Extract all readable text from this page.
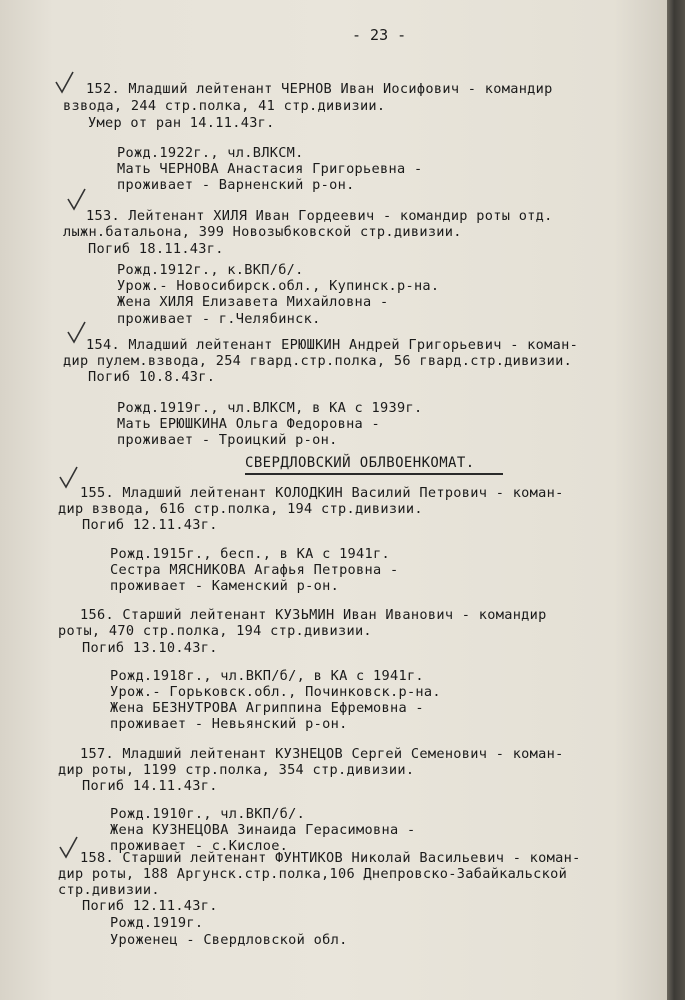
- 23 -
152. Младший лейтенант ЧЕРНОВ Иван Иосифович - командир
взвода, 244 стр.полка, 41 стр.дивизии.
Умер от ран 14.11.43г.
Рожд.1922г., чл.ВЛКСМ.
Мать ЧЕРНОВА Анастасия Григорьевна -
проживает - Варненский р-он.
153. Лейтенант ХИЛЯ Иван Гордеевич - командир роты отд.
лыжн.батальона, 399 Новозыбковской стр.дивизии.
Погиб 18.11.43г.
Рожд.1912г., к.ВКП/б/.
Урож.- Новосибирск.обл., Купинск.р-на.
Жена ХИЛЯ Елизавета Михайловна -
проживает - г.Челябинск.
154. Младший лейтенант ЕРЮШКИН Андрей Григорьевич - коман-
дир пулем.взвода, 254 гвард.стр.полка, 56 гвард.стр.дивизии.
Погиб 10.8.43г.
Рожд.1919г., чл.ВЛКСМ, в КА с 1939г.
Мать ЕРЮШКИНА Ольга Федоровна -
проживает - Троицкий р-он.
СВЕРДЛОВСКИЙ ОБЛВОЕНКОМАТ.
155. Младший лейтенант КОЛОДКИН Василий Петрович - коман-
дир взвода, 616 стр.полка, 194 стр.дивизии.
Погиб 12.11.43г.
Рожд.1915г., бесп., в КА с 1941г.
Сестра МЯСНИКОВА Агафья Петровна -
проживает - Каменский р-он.
156. Старший лейтенант КУЗЬМИН Иван Иванович - командир
роты, 470 стр.полка, 194 стр.дивизии.
Погиб 13.10.43г.
Рожд.1918г., чл.ВКП/б/, в КА с 1941г.
Урож.- Горьковск.обл., Починковск.р-на.
Жена БЕЗНУТРОВА Агриппина Ефремовна -
проживает - Невьянский р-он.
157. Младший лейтенант КУЗНЕЦОВ Сергей Семенович - коман-
дир роты, 1199 стр.полка, 354 стр.дивизии.
Погиб 14.11.43г.
Рожд.1910г., чл.ВКП/б/.
Жена КУЗНЕЦОВА Зинаида Герасимовна -
проживает - с.Кислое.
158. Старший лейтенант ФУНТИКОВ Николай Васильевич - коман-
дир роты, 188 Аргунск.стр.полка,106 Днепровско-Забайкальской
стр.дивизии.
Погиб 12.11.43г.
Рожд.1919г.
Уроженец - Свердловской обл.
